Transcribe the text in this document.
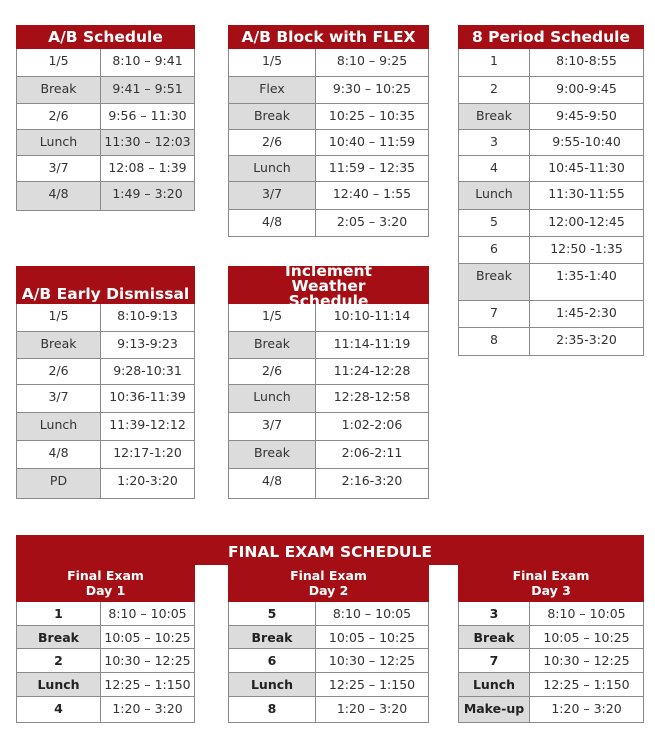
A/B Schedule
1/5	8:10 – 9:41
Break	9:41 – 9:51
2/6	9:56 – 11:30
Lunch	11:30 – 12:03
3/7	12:08 – 1:39
4/8	1:49 – 3:20
A/B Block with FLEX
1/5	8:10 – 9:25
Flex	9:30 – 10:25
Break	10:25 – 10:35
2/6	10:40 – 11:59
Lunch	11:59 – 12:35
3/7	12:40 – 1:55
4/8	2:05 – 3:20
8 Period Schedule
1	8:10-8:55
2	9:00-9:45
Break	9:45-9:50
3	9:55-10:40
4	10:45-11:30
Lunch	11:30-11:55
5	12:00-12:45
6	12:50 -1:35
Break	1:35-1:40
7	1:45-2:30
8	2:35-3:20
A/B Early Dismissal
1/5	8:10-9:13
Break	9:13-9:23
2/6	9:28-10:31
3/7	10:36-11:39
Lunch	11:39-12:12
4/8	12:17-1:20
PD	1:20-3:20
Inclement Weather Schedule
1/5	10:10-11:14
Break	11:14-11:19
2/6	11:24-12:28
Lunch	12:28-12:58
3/7	1:02-2:06
Break	2:06-2:11
4/8	2:16-3:20
FINAL EXAM SCHEDULE
Final Exam Day 1
1	8:10 – 10:05
Break	10:05 – 10:25
2	10:30 – 12:25
Lunch	12:25 – 1:150
4	1:20 – 3:20
Final Exam Day 2
5	8:10 – 10:05
Break	10:05 – 10:25
6	10:30 – 12:25
Lunch	12:25 – 1:150
8	1:20 – 3:20
Final Exam Day 3
3	8:10 – 10:05
Break	10:05 – 10:25
7	10:30 – 12:25
Lunch	12:25 – 1:150
Make-up	1:20 – 3:20
